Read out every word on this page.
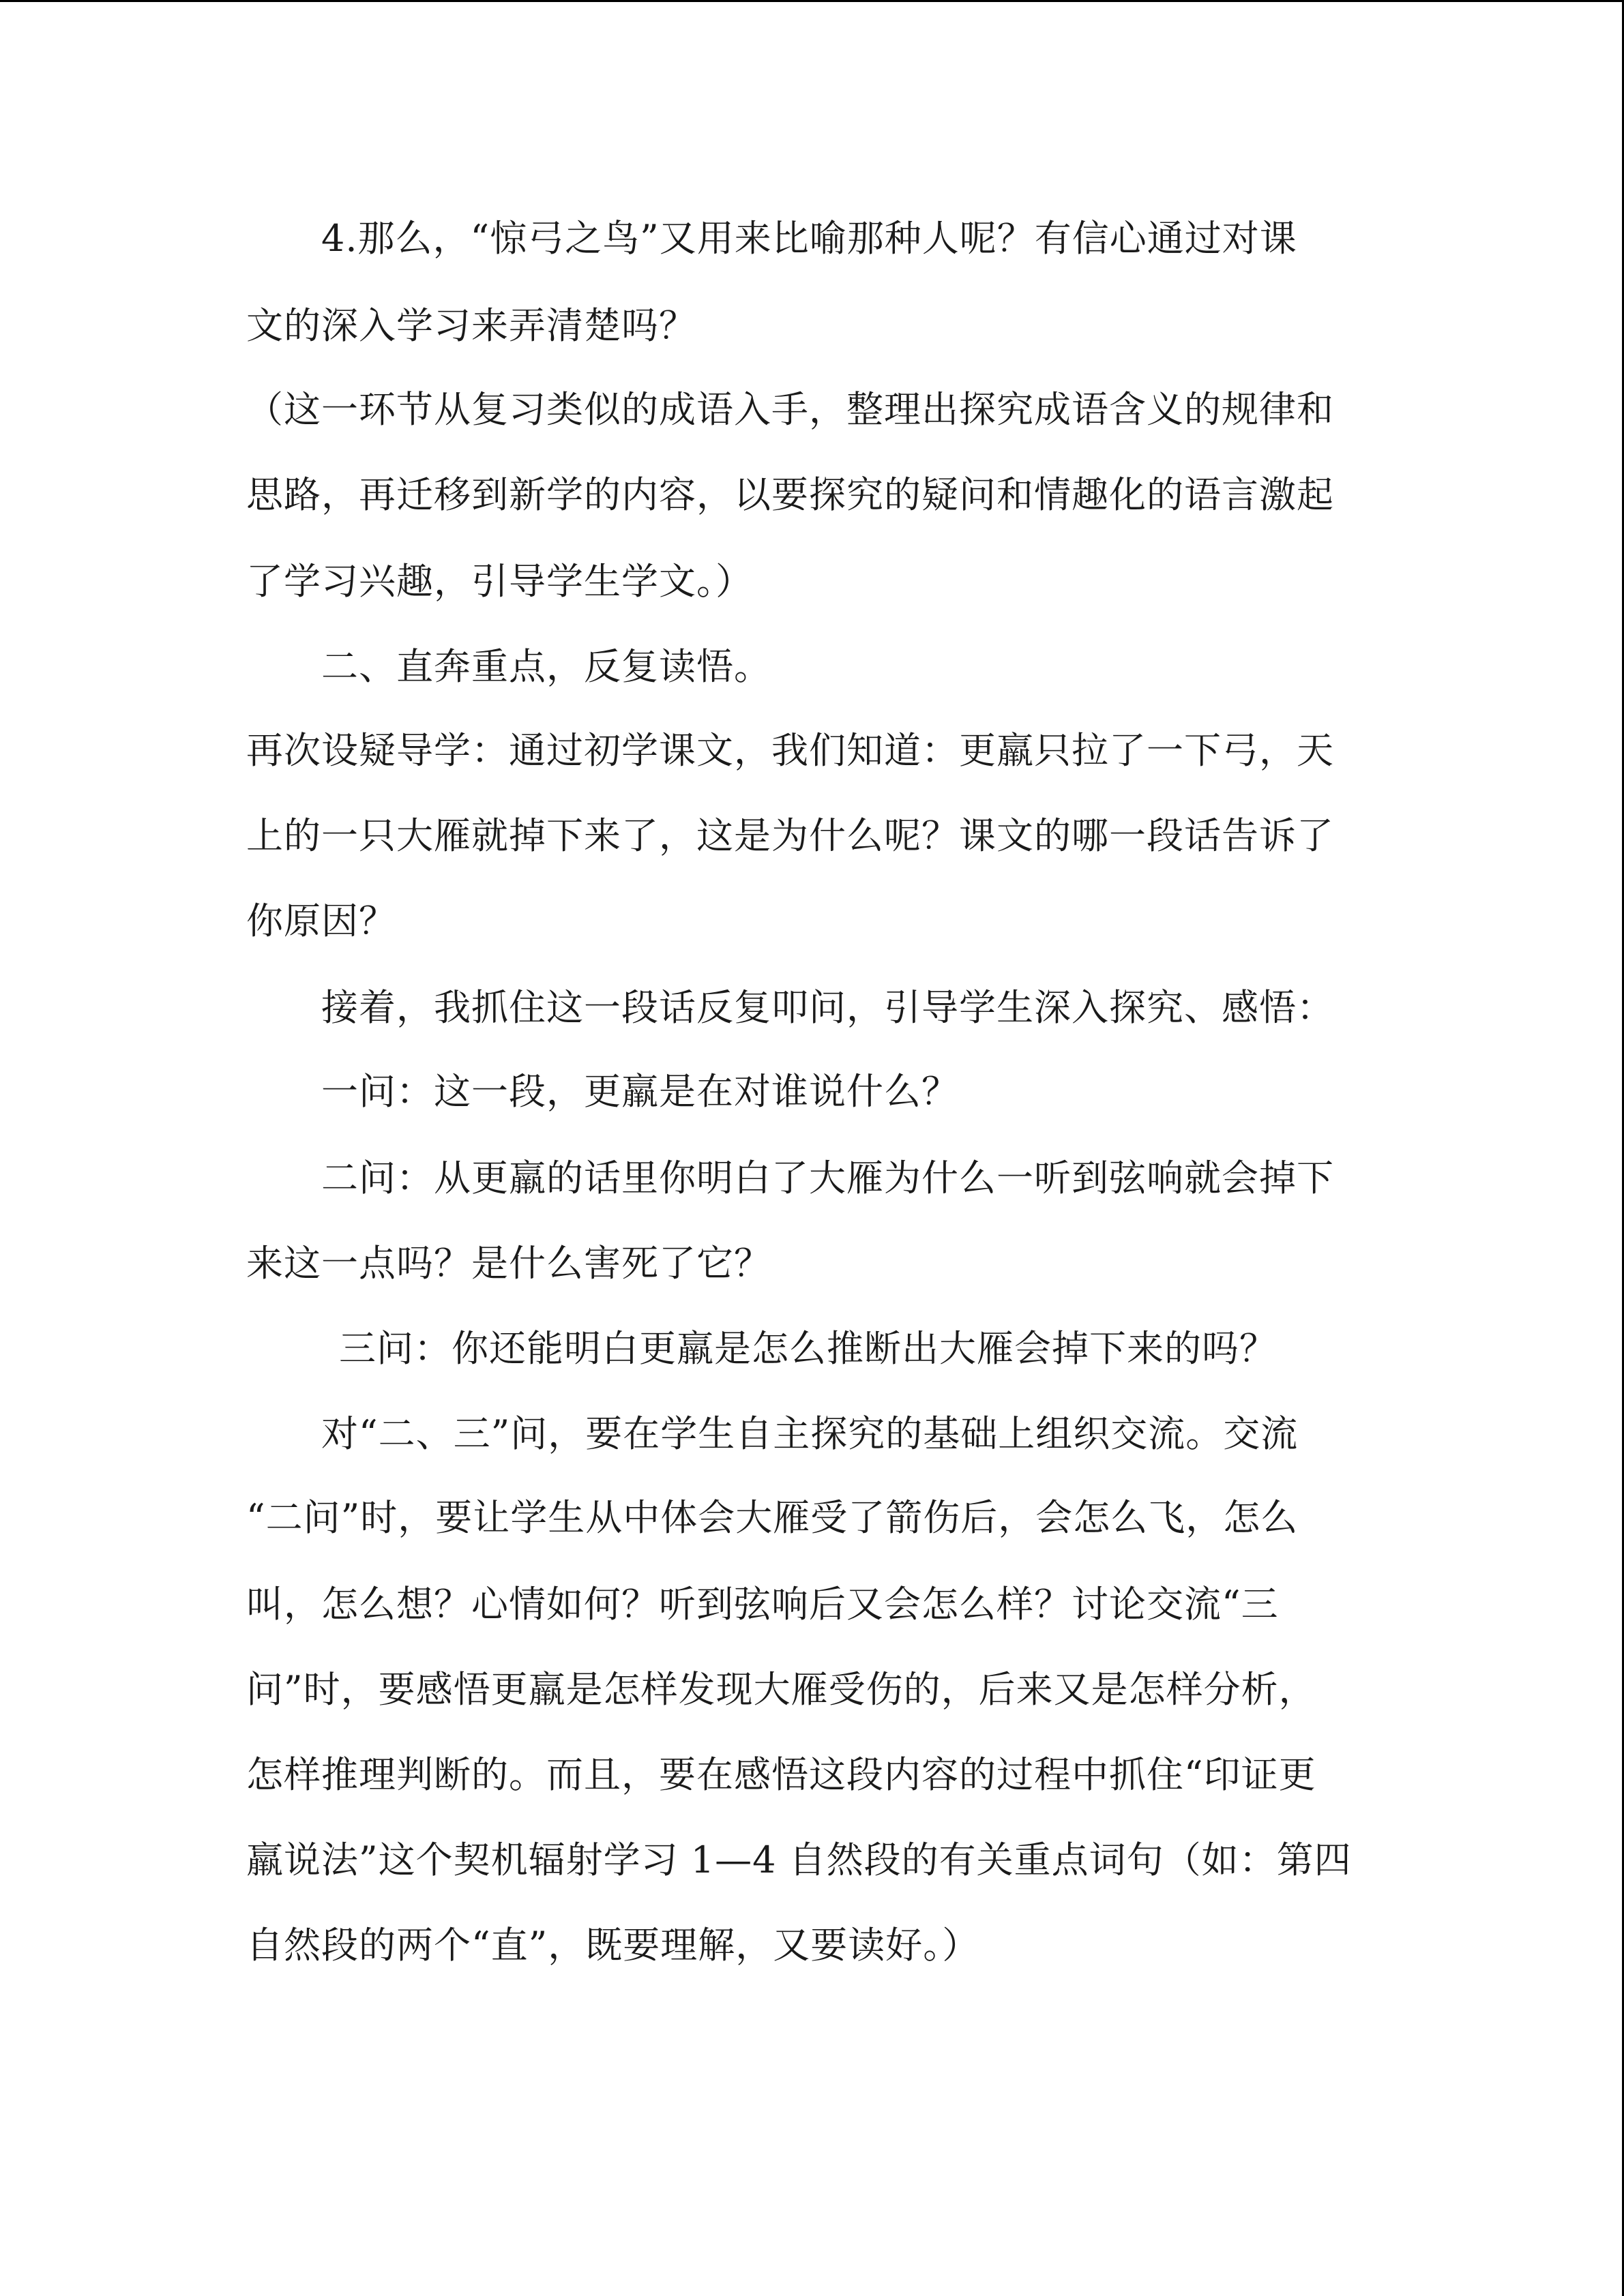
4.那么，“惊弓之鸟”又用来比喻那种人呢？有信心通过对课
文的深入学习来弄清楚吗？
（这一环节从复习类似的成语入手，整理出探究成语含义的规律和
思路，再迁移到新学的内容，以要探究的疑问和情趣化的语言激起
了学习兴趣，引导学生学文。）
二、直奔重点，反复读悟。
再次设疑导学：通过初学课文，我们知道：更羸只拉了一下弓，天
上的一只大雁就掉下来了，这是为什么呢？课文的哪一段话告诉了
你原因？
接着，我抓住这一段话反复叩问，引导学生深入探究、感悟：
一问：这一段，更羸是在对谁说什么？
二问：从更羸的话里你明白了大雁为什么一听到弦响就会掉下
来这一点吗？是什么害死了它？
三问：你还能明白更羸是怎么推断出大雁会掉下来的吗？
对“二、三”问，要在学生自主探究的基础上组织交流。交流
“二问”时，要让学生从中体会大雁受了箭伤后，会怎么飞，怎么
叫，怎么想？心情如何？听到弦响后又会怎么样？讨论交流“三
问”时，要感悟更羸是怎样发现大雁受伤的，后来又是怎样分析，
怎样推理判断的。而且，要在感悟这段内容的过程中抓住“印证更
羸说法”这个契机辐射学习 1—4 自然段的有关重点词句（如：第四
自然段的两个“直”，既要理解，又要读好。）
